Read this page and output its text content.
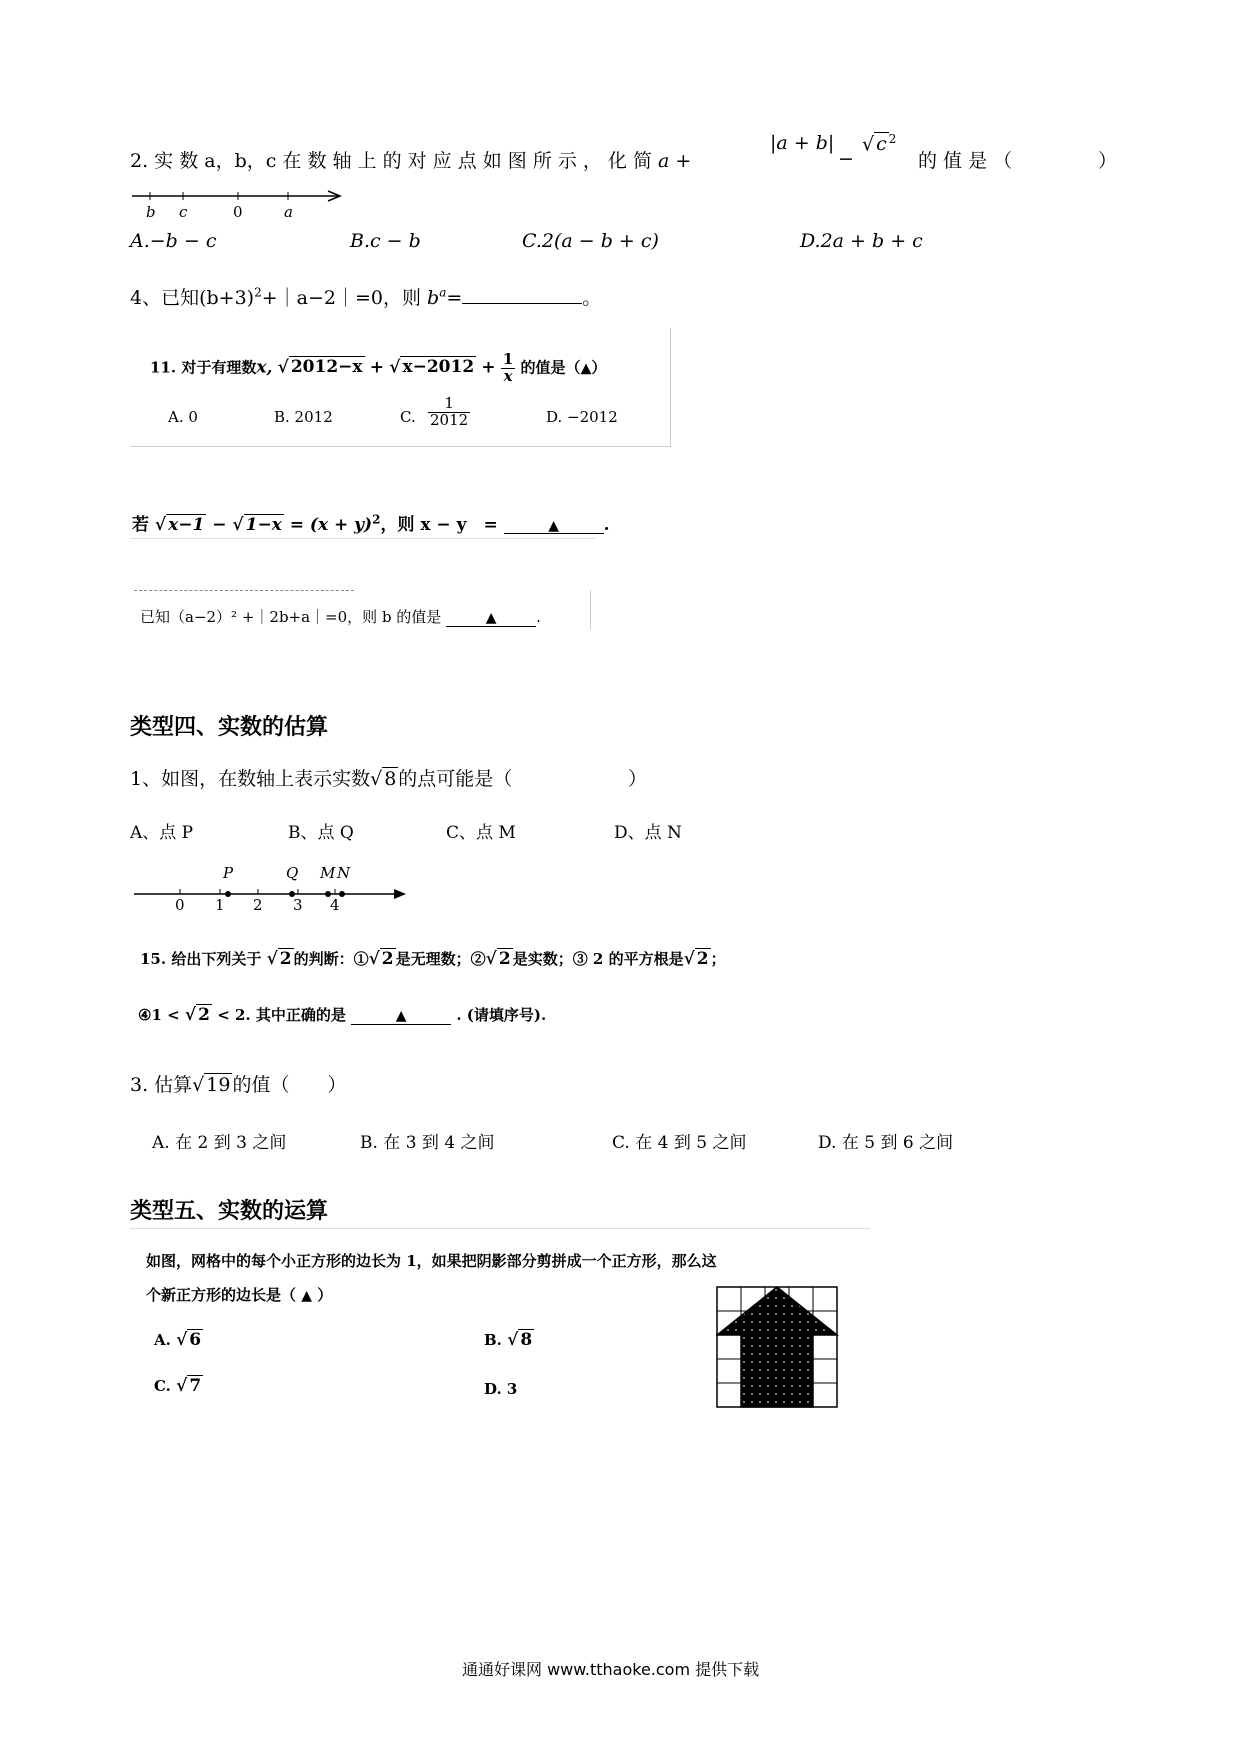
2. 实 数 a，b，c 在 数 轴 上 的 对 应 点 如 图 所 示 ， 化 简 a +
|a + b|
−
√ c $^2$
的 值 是 （	）
b c	0	a
A.−b − c	B.c − b	C.2(a − b + c)	D.2a + b + c
4、已知$(b+3)^2+|a-2|=0$，则 $b^a=$	。
11. 对于有理数x, √ 2012−x + √ $x-2012 + \frac{1}{x}$ 的值是（▲）
A. 0	B. 2012	C. $\frac{1}{2012}$	D. −2012
若 √ x−1 − √ $1-x = (x + y)^2$，则 x − y　=	▲	.
已知（a−2）² +｜2b+a｜=0，则 b 的值是	▲	.
类型四、实数的估算
1、如图，在数轴上表示实数√ 8 的点可能是（	）
A、点 P	B、点 Q	C、点 M	D、点 N
P	Q M N
0 1 2 3 4
15. 给出下列关于 √ 2 的判断：①√ 2 是无理数；②√ 2 是实数；③ 2 的平方根是√ 2 ；
④1 < √ 2 < 2. 其中正确的是	▲	. (请填序号).
3. 估算√ 19 的值（　　）
A. 在 2 到 3 之间	B. 在 3 到 4 之间	C. 在 4 到 5 之间	D. 在 5 到 6 之间
类型五、实数的运算
如图，网格中的每个小正方形的边长为 1，如果把阴影部分剪拼成一个正方形，那么这
个新正方形的边长是（ ▲ ）
A. √ 6	B. √ 8
C. √ 7	D. 3
通通好课网 www.tthaoke.com 提供下载
